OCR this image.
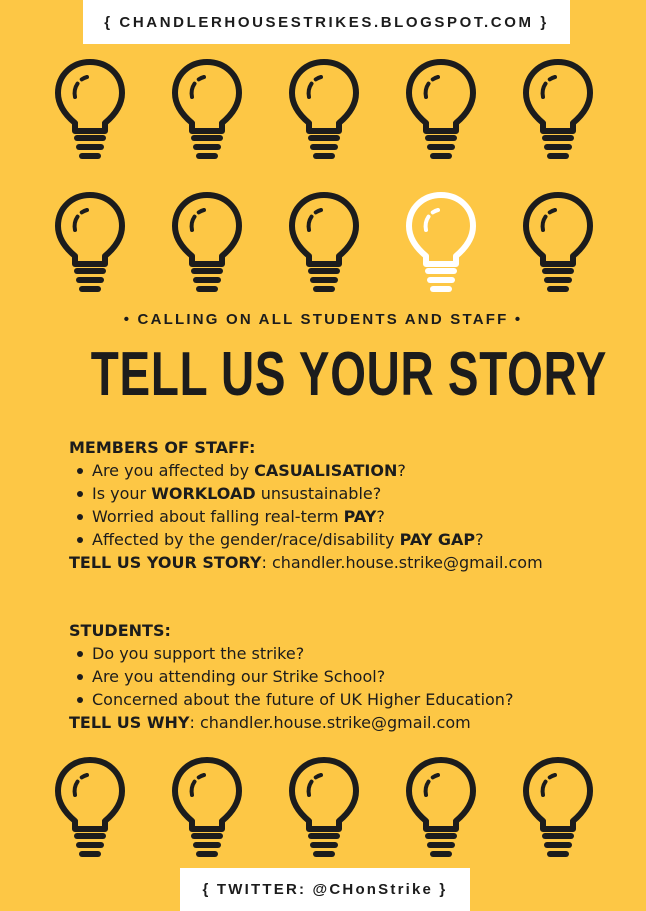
{ CHANDLERHOUSESTRIKES.BLOGSPOT.COM }
• CALLING ON ALL STUDENTS AND STAFF •
TELL US YOUR STORY
MEMBERS OF STAFF:
Are you affected by CASUALISATION?
Is your WORKLOAD unsustainable?
Worried about falling real-term PAY?
Affected by the gender/race/disability PAY GAP?
TELL US YOUR STORY: chandler.house.strike@gmail.com
STUDENTS:
Do you support the strike?
Are you attending our Strike School?
Concerned about the future of UK Higher Education?
TELL US WHY: chandler.house.strike@gmail.com
{ TWITTER: @CHonStrike }
